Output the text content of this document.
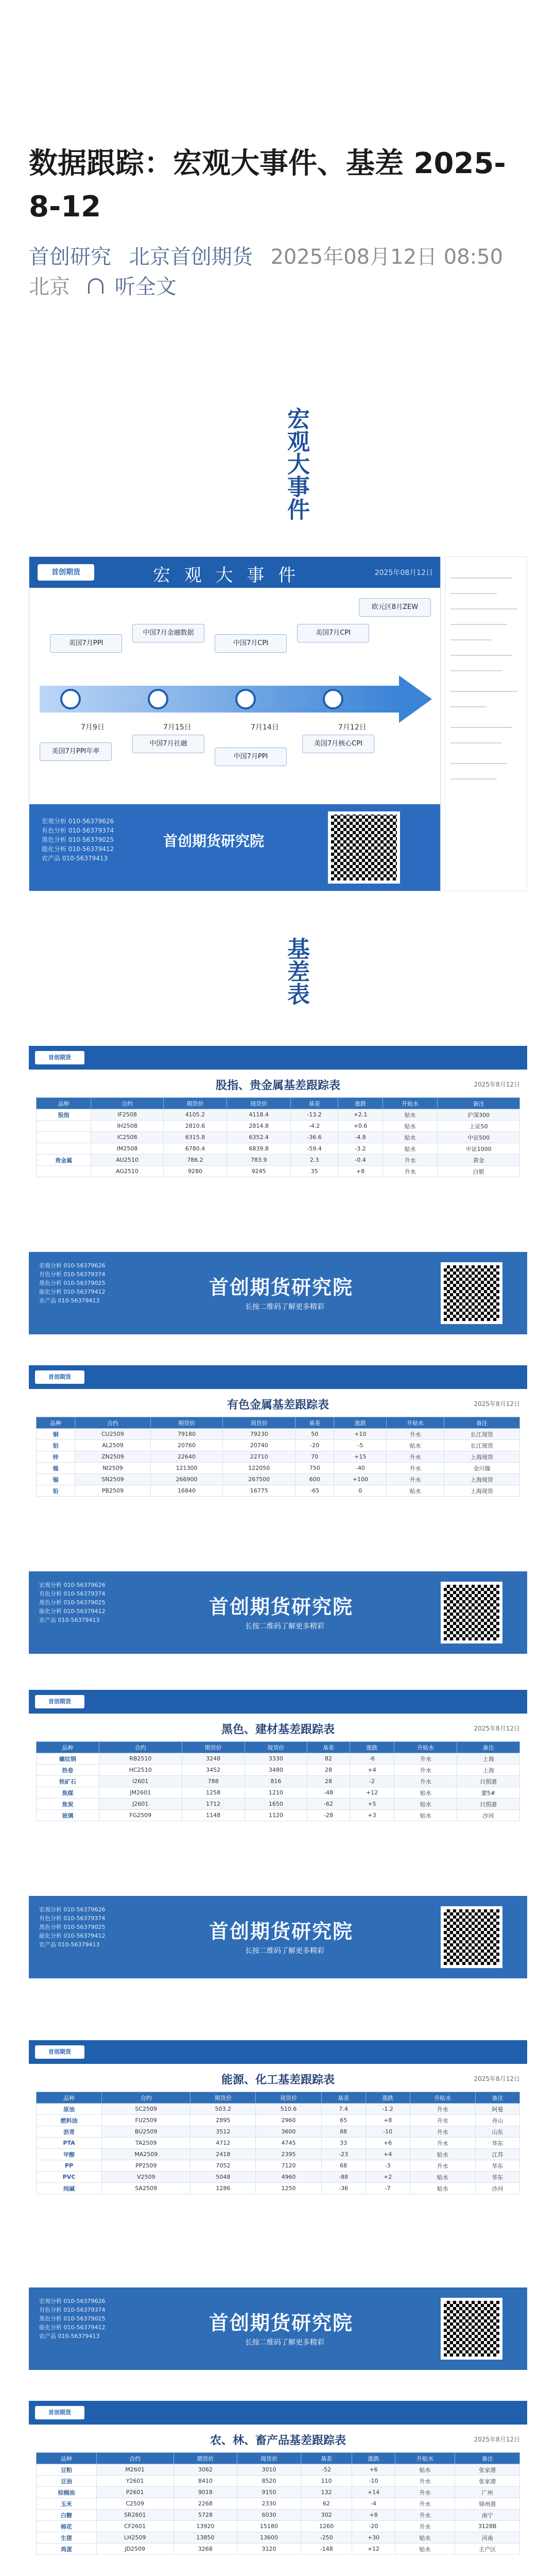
数据跟踪：宏观大事件、基差 2025-8-12
首创研究 北京首创期货 2025年08月12日 08:50
北京 听全文
宏观大事件
首创期货	宏 观 大 事 件	2025年08月12日
美国7月PPI
中国7月金融数据
中国7月CPI
美国7月CPI
欧元区8月ZEW
7月9日	7月15日	7月14日	7月12日
美国7月PPI年率
中国7月社融
中国7月PPI
美国7月核心CPI
宏观分析 010-56379626
有色分析 010-56379374
黑色分析 010-56379025
能化分析 010-56379412
农产品 010-56379413
首创期货研究院
基差表
首创期货
股指、贵金属基差跟踪表	2025年8月12日
品种	合约	期货价	现货价	基差	涨跌	升贴水	备注
股指	IF2508	4105.2	4118.4	-13.2	+2.1	贴水	沪深300
	IH2508	2810.6	2814.8	-4.2	+0.6	贴水	上证50
	IC2508	6315.8	6352.4	-36.6	-4.8	贴水	中证500
	IM2508	6780.4	6839.8	-59.4	-3.2	贴水	中证1000
贵金属	AU2510	786.2	783.9	2.3	-0.4	升水	黄金
	AG2510	9280	9245	35	+8	升水	白银
宏观分析 010-56379626
有色分析 010-56379374
黑色分析 010-56379025
能化分析 010-56379412
农产品 010-56379413
首创期货研究院
长按二维码了解更多精彩
首创期货
有色金属基差跟踪表	2025年8月12日
品种	合约	期货价	现货价	基差	涨跌	升贴水	备注
铜	CU2509	79180	79230	50	+10	升水	长江现货
铝	AL2509	20760	20740	-20	-5	贴水	长江现货
锌	ZN2509	22640	22710	70	+15	升水	上海现货
镍	NI2509	121300	122050	750	-40	升水	金川镍
锡	SN2509	266900	267500	600	+100	升水	上海现货
铅	PB2509	16840	16775	-65	0	贴水	上海现货
宏观分析 010-56379626
有色分析 010-56379374
黑色分析 010-56379025
能化分析 010-56379412
农产品 010-56379413
首创期货研究院
长按二维码了解更多精彩
首创期货
黑色、建材基差跟踪表	2025年8月12日
品种	合约	期货价	现货价	基差	涨跌	升贴水	备注
螺纹钢	RB2510	3248	3330	82	-6	升水	上海
热卷	HC2510	3452	3480	28	+4	升水	上海
铁矿石	I2601	788	816	28	-2	升水	日照港
焦煤	JM2601	1258	1210	-48	+12	贴水	蒙5#
焦炭	J2601	1712	1650	-62	+5	贴水	日照港
玻璃	FG2509	1148	1120	-28	+3	贴水	沙河
宏观分析 010-56379626
有色分析 010-56379374
黑色分析 010-56379025
能化分析 010-56379412
农产品 010-56379413
首创期货研究院
长按二维码了解更多精彩
首创期货
能源、化工基差跟踪表	2025年8月12日
品种	合约	期货价	现货价	基差	涨跌	升贴水	备注
原油	SC2509	503.2	510.6	7.4	-1.2	升水	阿曼
燃料油	FU2509	2895	2960	65	+8	升水	舟山
沥青	BU2509	3512	3600	88	-10	升水	山东
PTA	TA2509	4712	4745	33	+6	升水	华东
甲醇	MA2509	2418	2395	-23	+4	贴水	江苏
PP	PP2509	7052	7120	68	-3	升水	华东
PVC	V2509	5048	4960	-88	+2	贴水	华东
纯碱	SA2509	1286	1250	-36	-7	贴水	沙河
宏观分析 010-56379626
有色分析 010-56379374
黑色分析 010-56379025
能化分析 010-56379412
农产品 010-56379413
首创期货研究院
长按二维码了解更多精彩
首创期货
农、林、畜产品基差跟踪表	2025年8月12日
品种	合约	期货价	现货价	基差	涨跌	升贴水	备注
豆粕	M2601	3062	3010	-52	+6	贴水	张家港
豆油	Y2601	8410	8520	110	-10	升水	张家港
棕榈油	P2601	9018	9150	132	+14	升水	广州
玉米	C2509	2268	2330	62	-4	升水	锦州港
白糖	SR2601	5728	6030	302	+8	升水	南宁
棉花	CF2601	13920	15180	1260	-20	升水	3128B
生猪	LH2509	13850	13600	-250	+30	贴水	河南
鸡蛋	JD2509	3268	3120	-148	+12	贴水	主产区
